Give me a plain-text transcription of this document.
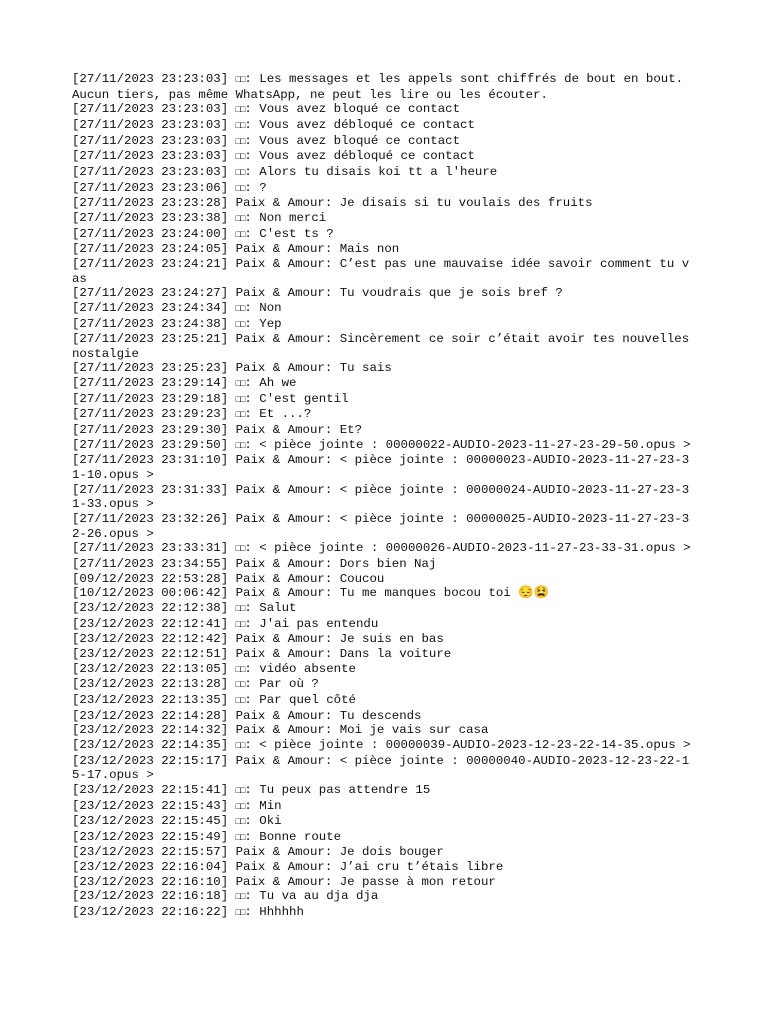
[27/11/2023 23:23:03] □□: Les messages et les appels sont chiffrés de bout en bout. Aucun tiers, pas même WhatsApp, ne peut les lire ou les écouter.
[27/11/2023 23:23:03] □□: Vous avez bloqué ce contact
[27/11/2023 23:23:03] □□: Vous avez débloqué ce contact
[27/11/2023 23:23:03] □□: Vous avez bloqué ce contact
[27/11/2023 23:23:03] □□: Vous avez débloqué ce contact
[27/11/2023 23:23:03] □□: Alors tu disais koi tt a l'heure
[27/11/2023 23:23:06] □□: ?
[27/11/2023 23:23:28] Paix & Amour: Je disais si tu voulais des fruits
[27/11/2023 23:23:38] □□: Non merci
[27/11/2023 23:24:00] □□: C'est ts ?
[27/11/2023 23:24:05] Paix & Amour: Mais non
[27/11/2023 23:24:21] Paix & Amour: C’est pas une mauvaise idée savoir comment tu vas
[27/11/2023 23:24:27] Paix & Amour: Tu voudrais que je sois bref ?
[27/11/2023 23:24:34] □□: Non
[27/11/2023 23:24:38] □□: Yep
[27/11/2023 23:25:21] Paix & Amour: Sincèrement ce soir c’était avoir tes nouvelles nostalgie
[27/11/2023 23:25:23] Paix & Amour: Tu sais
[27/11/2023 23:29:14] □□: Ah we
[27/11/2023 23:29:18] □□: C'est gentil
[27/11/2023 23:29:23] □□: Et ...?
[27/11/2023 23:29:30] Paix & Amour: Et?
[27/11/2023 23:29:50] □□: < pièce jointe : 00000022-AUDIO-2023-11-27-23-29-50.opus >
[27/11/2023 23:31:10] Paix & Amour: < pièce jointe : 00000023-AUDIO-2023-11-27-23-31-10.opus >
[27/11/2023 23:31:33] Paix & Amour: < pièce jointe : 00000024-AUDIO-2023-11-27-23-31-33.opus >
[27/11/2023 23:32:26] Paix & Amour: < pièce jointe : 00000025-AUDIO-2023-11-27-23-32-26.opus >
[27/11/2023 23:33:31] □□: < pièce jointe : 00000026-AUDIO-2023-11-27-23-33-31.opus >
[27/11/2023 23:34:55] Paix & Amour: Dors bien Naj
[09/12/2023 22:53:28] Paix & Amour: Coucou
[10/12/2023 00:06:42] Paix & Amour: Tu me manques bocou toi 😔😫
[23/12/2023 22:12:38] □□: Salut
[23/12/2023 22:12:41] □□: J'ai pas entendu
[23/12/2023 22:12:42] Paix & Amour: Je suis en bas
[23/12/2023 22:12:51] Paix & Amour: Dans la voiture
[23/12/2023 22:13:05] □□: vidéo absente
[23/12/2023 22:13:28] □□: Par où ?
[23/12/2023 22:13:35] □□: Par quel côté
[23/12/2023 22:14:28] Paix & Amour: Tu descends
[23/12/2023 22:14:32] Paix & Amour: Moi je vais sur casa
[23/12/2023 22:14:35] □□: < pièce jointe : 00000039-AUDIO-2023-12-23-22-14-35.opus >
[23/12/2023 22:15:17] Paix & Amour: < pièce jointe : 00000040-AUDIO-2023-12-23-22-15-17.opus >
[23/12/2023 22:15:41] □□: Tu peux pas attendre 15
[23/12/2023 22:15:43] □□: Min
[23/12/2023 22:15:45] □□: Oki
[23/12/2023 22:15:49] □□: Bonne route
[23/12/2023 22:15:57] Paix & Amour: Je dois bouger
[23/12/2023 22:16:04] Paix & Amour: J’ai cru t’étais libre
[23/12/2023 22:16:10] Paix & Amour: Je passe à mon retour
[23/12/2023 22:16:18] □□: Tu va au dja dja
[23/12/2023 22:16:22] □□: Hhhhhh
